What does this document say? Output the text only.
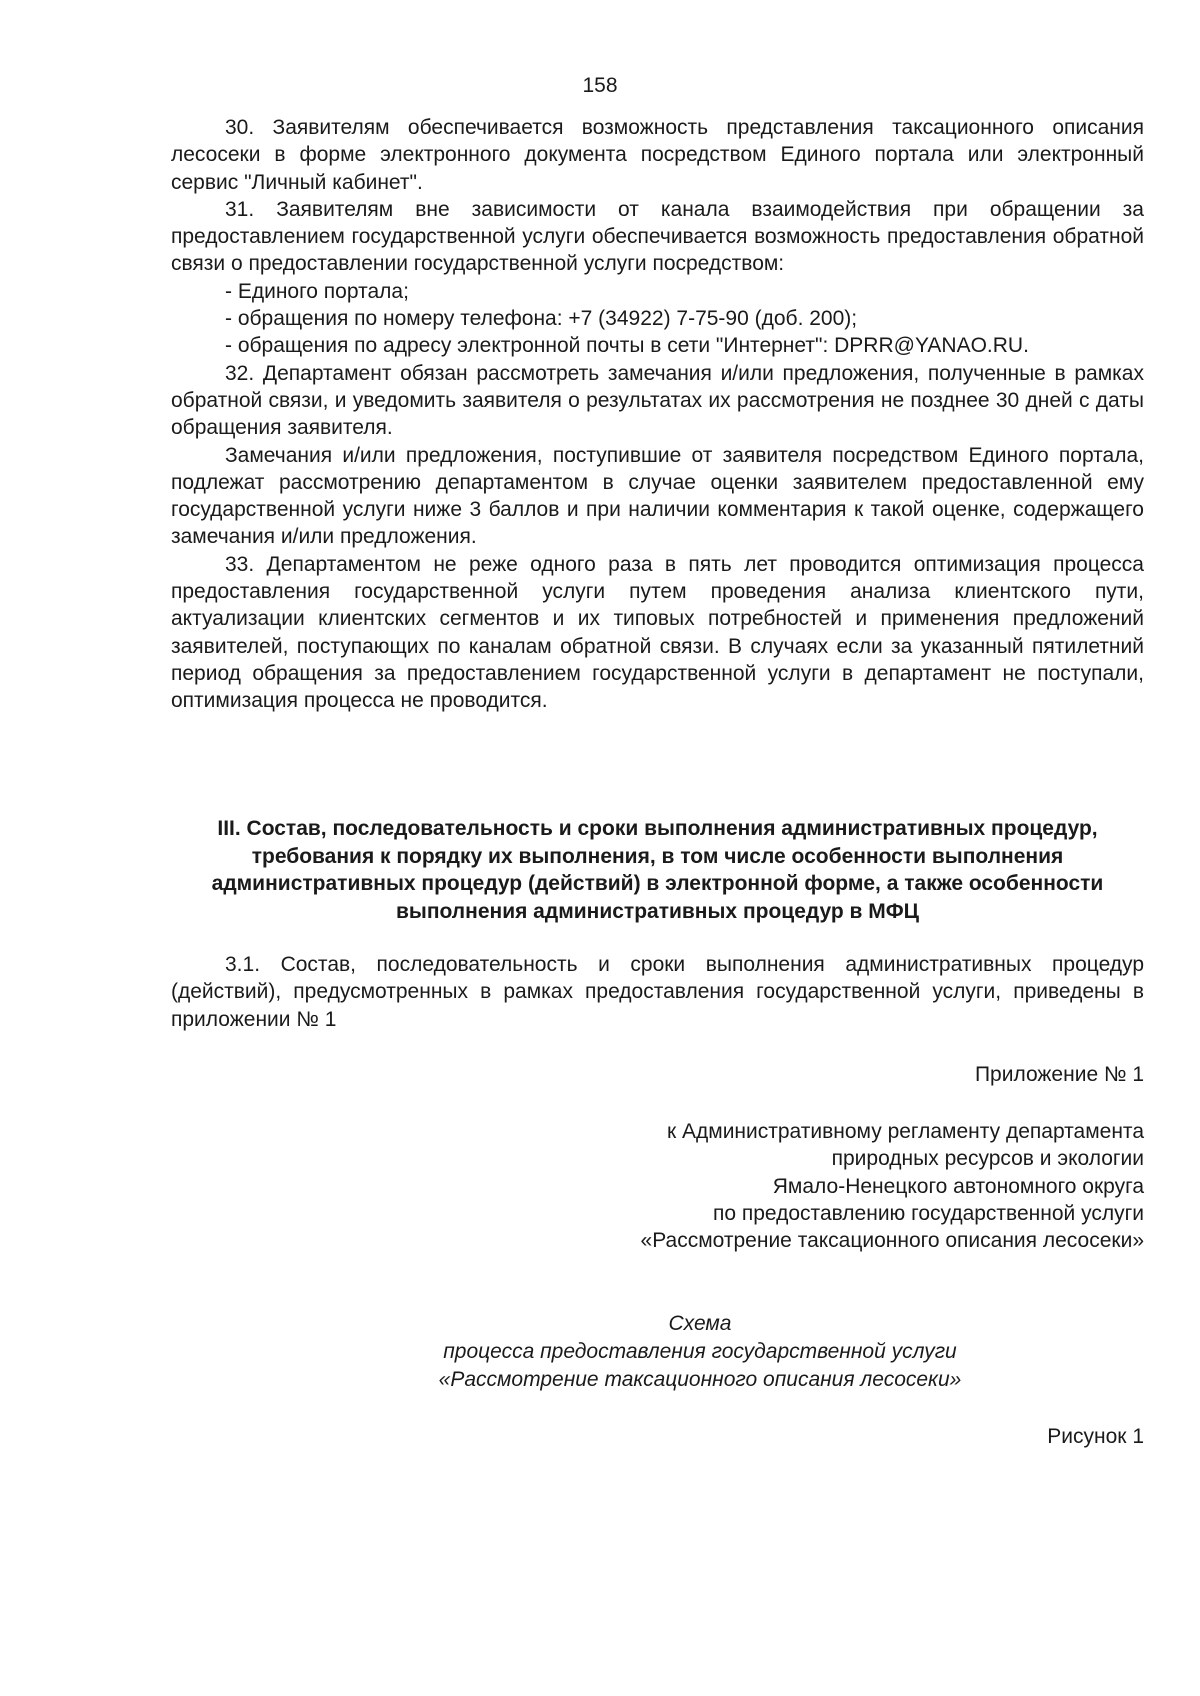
158

30. Заявителям обеспечивается возможность представления таксационного описания лесосеки в форме электронного документа посредством Единого портала или электронный сервис "Личный кабинет".

31. Заявителям вне зависимости от канала взаимодействия при обращении за предоставлением государственной услуги обеспечивается возможность предоставления обратной связи о предоставлении государственной услуги посредством:

- Единого портала;

- обращения по номеру телефона: +7 (34922) 7-75-90 (доб. 200);

- обращения по адресу электронной почты в сети "Интернет": DPRR@YANAO.RU.

32. Департамент обязан рассмотреть замечания и/или предложения, полученные в рамках обратной связи, и уведомить заявителя о результатах их рассмотрения не позднее 30 дней с даты обращения заявителя.

Замечания и/или предложения, поступившие от заявителя посредством Единого портала, подлежат рассмотрению департаментом в случае оценки заявителем предоставленной ему государственной услуги ниже 3 баллов и при наличии комментария к такой оценке, содержащего замечания и/или предложения.

33. Департаментом не реже одного раза в пять лет проводится оптимизация процесса предоставления государственной услуги путем проведения анализа клиентского пути, актуализации клиентских сегментов и их типовых потребностей и применения предложений заявителей, поступающих по каналам обратной связи. В случаях если за указанный пятилетний период обращения за предоставлением государственной услуги в департамент не поступали, оптимизация процесса не проводится.

III. Состав, последовательность и сроки выполнения административных процедур, требования к порядку их выполнения, в том числе особенности выполнения административных процедур (действий) в электронной форме, а также особенности выполнения административных процедур в МФЦ

3.1. Состав, последовательность и сроки выполнения административных процедур (действий), предусмотренных в рамках предоставления государственной услуги, приведены в приложении № 1

Приложение № 1

к Административному регламенту департамента
природных ресурсов и экологии
Ямало-Ненецкого автономного округа
по предоставлению государственной услуги
«Рассмотрение таксационного описания лесосеки»
Схема
процесса предоставления государственной услуги
«Рассмотрение таксационного описания лесосеки»

Рисунок 1
